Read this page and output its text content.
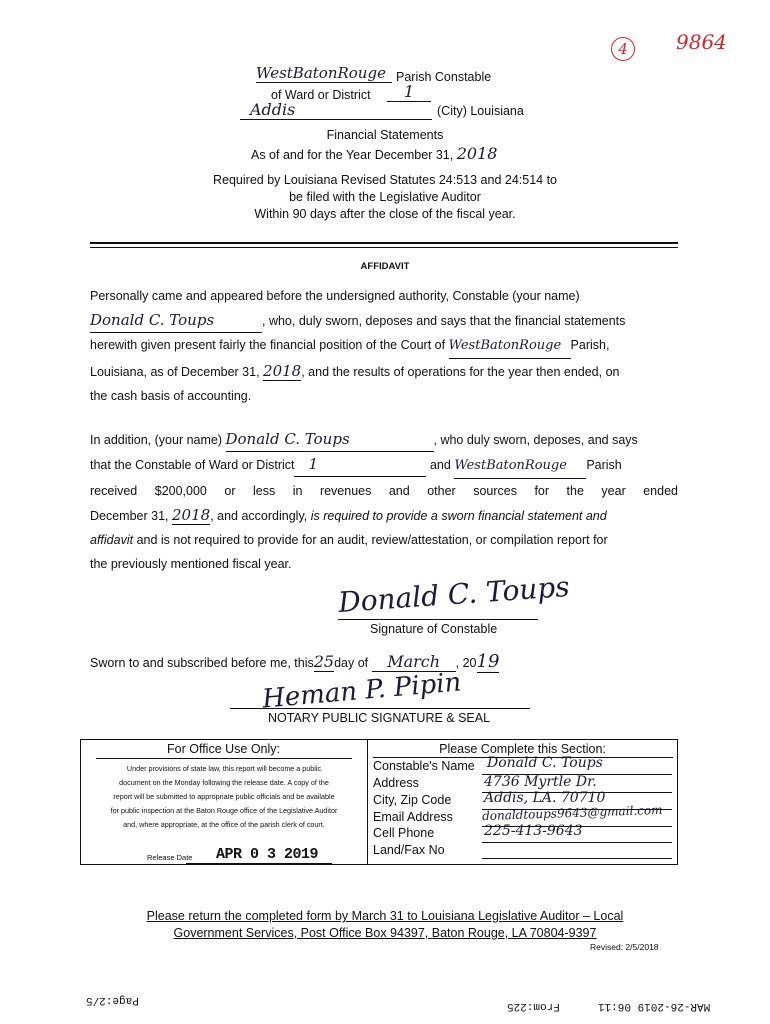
4 9864
WestBatonRouge Parish Constable
of Ward or District	1
Addis	(City) Louisiana
Financial Statements
As of and for the Year December 31, 2018
Required by Louisiana Revised Statutes 24:513 and 24:514 to
be filed with the Legislative Auditor
Within 90 days after the close of the fiscal year.
AFFIDAVIT
Personally came and appeared before the undersigned authority, Constable (your name)
Donald C. Toups	, who, duly sworn, deposes and says that the financial statements
herewith given present fairly the financial position of the Court of WestBatonRouge Parish,
Louisiana, as of December 31, 2018, and the results of operations for the year then ended, on
the cash basis of accounting.
In addition, (your name) Donald C. Toups	, who duly sworn, deposes, and says
that the Constable of Ward or District 1	and WestBatonRouge Parish
received $200,000 or less in revenues and other sources for the year ended
December 31, 2018, and accordingly, is required to provide a sworn financial statement and
affidavit and is not required to provide for an audit, review/attestation, or compilation report for
the previously mentioned fiscal year.
Donald C. Toups
Signature of Constable
Sworn to and subscribed before me, this25day of March , 2019
Heman P. Pipin
NOTARY PUBLIC SIGNATURE & SEAL
For Office Use Only:
Under provisions of state law, this report will become a public
document on the Monday following the release date. A copy of the
report will be submitted to appropriate public officials and be available
for public inspection at the Baton Rouge office of the Legislative Auditor
and, where appropriate, at the office of the parish clerk of court.
Release Date APR 0 3 2019
Please Complete this Section:
Constable's Name Donald C. Toups
Address	4736 Myrtle Dr.
City, Zip Code Addis, LA. 70710
Email Address donaldtoups9643@gmail.com
Cell Phone	225-413-9643
Land/Fax No
Please return the completed form by March 31 to Louisiana Legislative Auditor – Local
Government Services, Post Office Box 94397, Baton Rouge, LA 70804-9397
Revised: 2/5/2018
Page:2/5	From:225	MAR-26-2019 06:11
